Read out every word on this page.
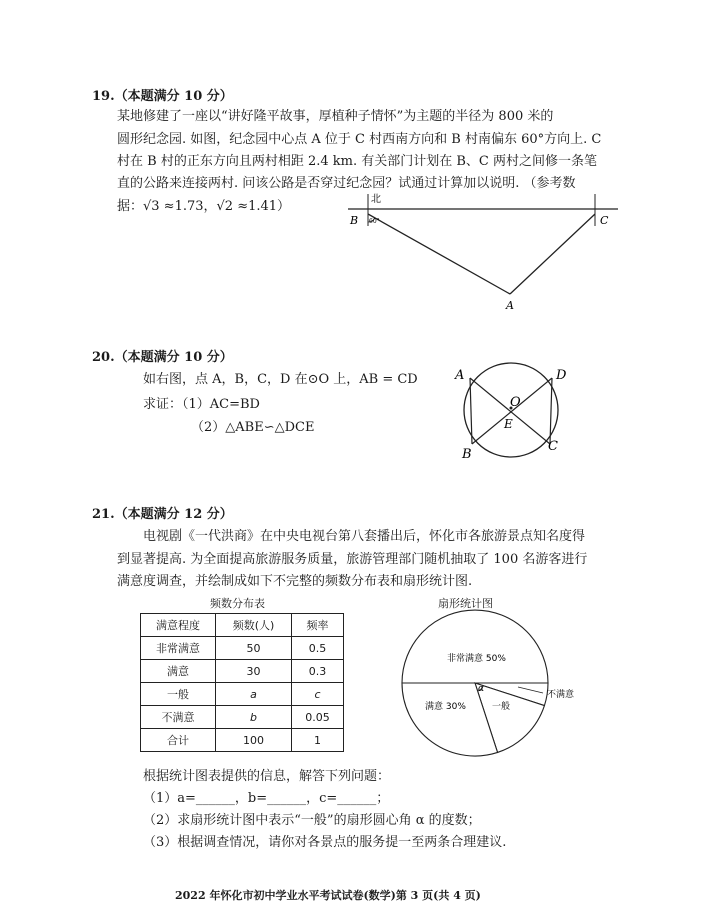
19.（本题满分 10 分）
某地修建了一座以“讲好隆平故事，厚植种子情怀”为主题的半径为 800 米的
圆形纪念园. 如图，纪念园中心点 A 位于 C 村西南方向和 B 村南偏东 60°方向上. C
村在 B 村的正东方向且两村相距 2.4 km. 有关部门计划在 B、C 两村之间修一条笔
直的公路来连接两村. 问该公路是否穿过纪念园？试通过计算加以说明. （参考数
据：√3 ≈1.73，√2 ≈1.41）	北
B	C
A
60°
20.（本题满分 10 分）
如右图，点 A，B，C，D 在⊙O 上，AB = CD
求证：（1）AC=BD
（2）△ABE∽△DCE
A	D
B
C
O
E
21.（本题满分 12 分）
电视剧《一代洪商》在中央电视台第八套播出后，怀化市各旅游景点知名度得
到显著提高. 为全面提高旅游服务质量，旅游管理部门随机抽取了 100 名游客进行
满意度调查，并绘制成如下不完整的频数分布表和扇形统计图.
频数分布表
满意程度	频数(人)	频率
非常满意	50	0.5
满意	30	0.3
一般	a	c
不满意	b	0.05
合计	100	1
扇形统计图
非常满意 50%
满意 30%	一般
不满意
α
根据统计图表提供的信息，解答下列问题：
（1）a=______，b=______，c=______；
（2）求扇形统计图中表示“一般”的扇形圆心角 α 的度数；
（3）根据调查情况，请你对各景点的服务提一至两条合理建议.
2022 年怀化市初中学业水平考试试卷(数学)第 3 页(共 4 页)
